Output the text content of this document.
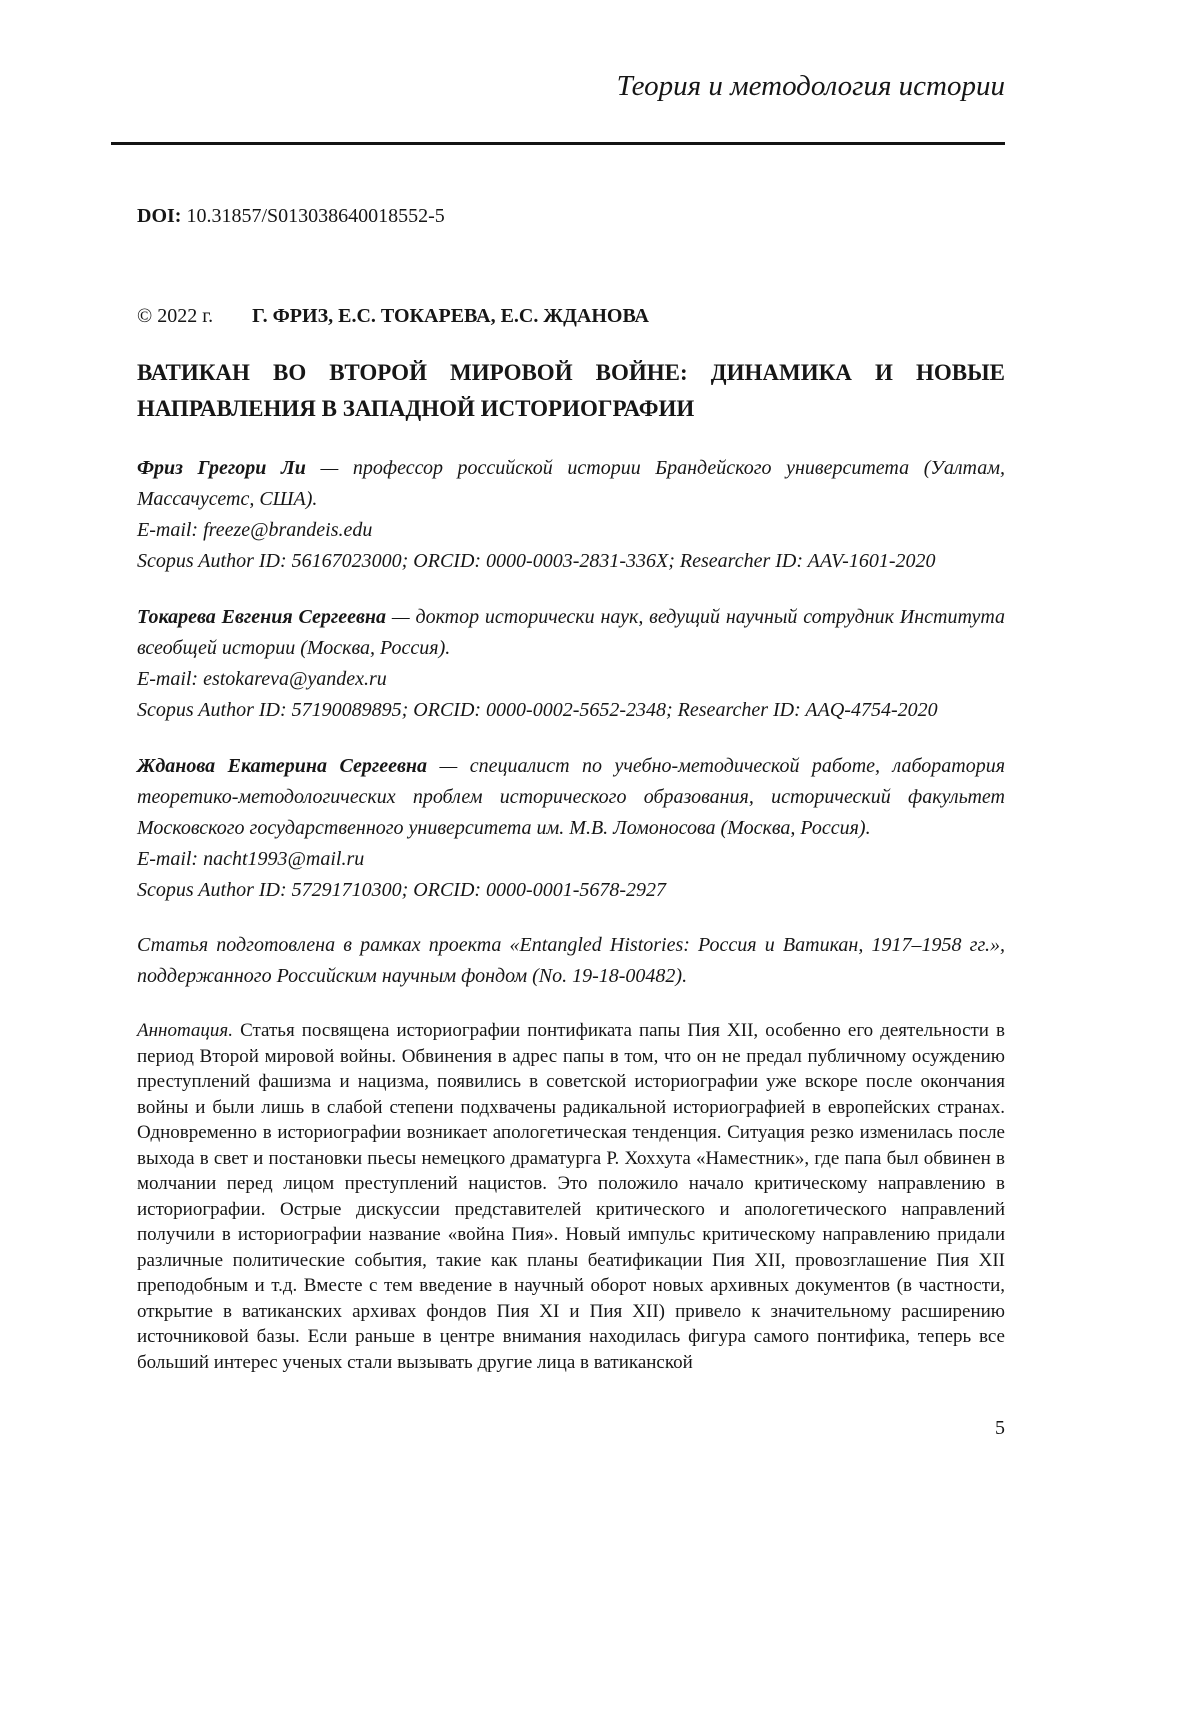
Теория и методология истории

DOI: 10.31857/S013038640018552-5

© 2022 г. Г. ФРИЗ, Е.С. ТОКАРЕВА, Е.С. ЖДАНОВА

ВАТИКАН ВО ВТОРОЙ МИРОВОЙ ВОЙНЕ: ДИНАМИКА И НОВЫЕ
НАПРАВЛЕНИЯ В ЗАПАДНОЙ ИСТОРИОГРАФИИ

Фриз Грегори Ли — профессор российской истории Брандейского университета (Уалтам, Массачусетс, США).
E-mail: freeze@brandeis.edu
Scopus Author ID: 56167023000; ORCID: 0000-0003-2831-336X; Researcher ID: AAV-1601-2020

Токарева Евгения Сергеевна — доктор исторически наук, ведущий научный сотрудник Института всеобщей истории (Москва, Россия).
E-mail: estokareva@yandex.ru
Scopus Author ID: 57190089895; ORCID: 0000-0002-5652-2348; Researcher ID: AAQ-4754-2020

Жданова Екатерина Сергеевна — специалист по учебно-методической работе, лаборатория теоретико-методологических проблем исторического образования, исторический факультет Московского государственного университета им. М.В. Ломоносова (Москва, Россия).
E-mail: nacht1993@mail.ru
Scopus Author ID: 57291710300; ORCID: 0000-0001-5678-2927

Статья подготовлена в рамках проекта «Entangled Histories: Россия и Ватикан, 1917–1958 гг.», поддержанного Российским научным фондом (No. 19-18-00482).

Аннотация. Статья посвящена историографии понтификата папы Пия XII, особенно его деятельности в период Второй мировой войны. Обвинения в адрес папы в том, что он не предал публичному осуждению преступлений фашизма и нацизма, появились в советской историографии уже вскоре после окончания войны и были лишь в слабой степени подхвачены радикальной историографией в европейских странах. Одновременно в историографии возникает апологетическая тенденция. Ситуация резко изменилась после выхода в свет и постановки пьесы немецкого драматурга Р. Хоххута «Наместник», где папа был обвинен в молчании перед лицом преступлений нацистов. Это положило начало критическому направлению в историографии. Острые дискуссии представителей критического и апологетического направлений получили в историографии название «война Пия». Новый импульс критическому направлению придали различные политические события, такие как планы беатификации Пия XII, провозглашение Пия XII преподобным и т.д. Вместе с тем введение в научный оборот новых архивных документов (в частности, открытие в ватиканских архивах фондов Пия XI и Пия XII) привело к значительному расширению источниковой базы. Если раньше в центре внимания находилась фигура самого понтифика, теперь все больший интерес ученых стали вызывать другие лица в ватиканской

5
